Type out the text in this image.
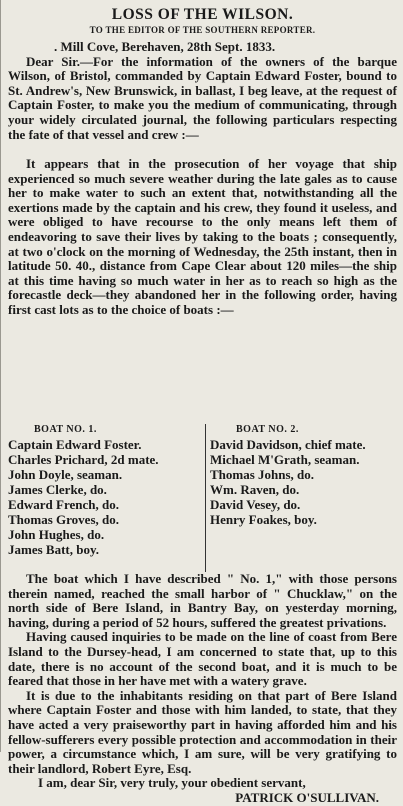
LOSS OF THE WILSON.
TO THE EDITOR OF THE SOUTHERN REPORTER.

. Mill Cove, Berehaven, 28th Sept. 1833.

Dear Sir.—For the information of the owners of the barque Wilson, of Bristol, commanded by Captain Edward Foster, bound to St. Andrew's, New Brunswick, in ballast, I beg leave, at the request of Captain Foster, to make you the medium of communicating, through your widely circulated journal, the following particulars respecting the fate of that vessel and crew :—

It appears that in the prosecution of her voyage that ship experienced so much severe weather during the late gales as to cause her to make water to such an extent that, notwithstanding all the exertions made by the captain and his crew, they found it useless, and were obliged to have recourse to the only means left them of endeavoring to save their lives by taking to the boats ; consequently, at two o'clock on the morning of Wednesday, the 25th instant, then in latitude 50. 40., distance from Cape Clear about 120 miles—the ship at this time having so much water in her as to reach so high as the forecastle deck—they abandoned her in the following order, having first cast lots as to the choice of boats :—

BOAT NO. 1.
Captain Edward Foster.
Charles Prichard, 2d mate.
John Doyle, seaman.
James Clerke, do.
Edward French, do.
Thomas Groves, do.
John Hughes, do.
James Batt, boy.
BOAT NO. 2.
David Davidson, chief mate.
Michael M'Grath, seaman.
Thomas Johns, do.
Wm. Raven, do.
David Vesey, do.
Henry Foakes, boy.

The boat which I have described " No. 1," with those persons therein named, reached the small harbor of " Chucklaw," on the north side of Bere Island, in Bantry Bay, on yesterday morning, having, during a period of 52 hours, suffered the greatest privations.

Having caused inquiries to be made on the line of coast from Bere Island to the Dursey-head, I am concerned to state that, up to this date, there is no account of the second boat, and it is much to be feared that those in her have met with a watery grave.

It is due to the inhabitants residing on that part of Bere Island where Captain Foster and those with him landed, to state, that they have acted a very praiseworthy part in having afforded him and his fellow-sufferers every possible protection and accommodation in their power, a circumstance which, I am sure, will be very gratifying to their landlord, Robert Eyre, Esq.

I am, dear Sir, very truly, your obedient servant,

PATRICK O'SULLIVAN.
